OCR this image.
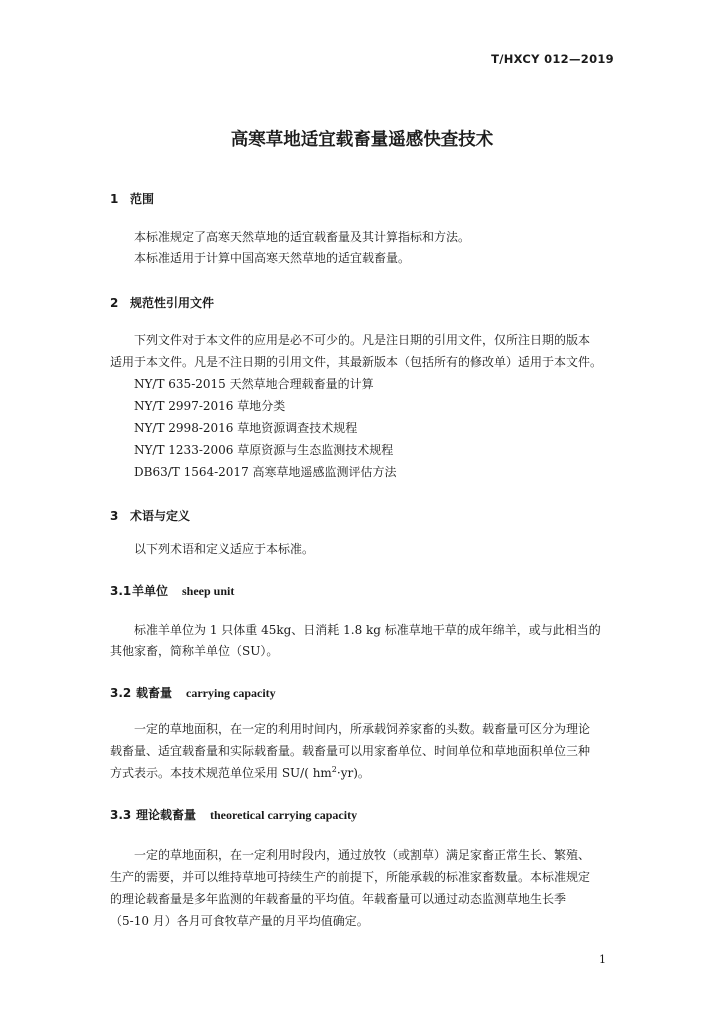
T/HXCY 012—2019
高寒草地适宜载畜量遥感快查技术
1 范围
本标准规定了高寒天然草地的适宜载畜量及其计算指标和方法。
本标准适用于计算中国高寒天然草地的适宜载畜量。
2 规范性引用文件
下列文件对于本文件的应用是必不可少的。凡是注日期的引用文件，仅所注日期的版本
适用于本文件。凡是不注日期的引用文件，其最新版本（包括所有的修改单）适用于本文件。
NY/T 635-2015 天然草地合理载畜量的计算
NY/T 2997-2016 草地分类
NY/T 2998-2016 草地资源调查技术规程
NY/T 1233-2006 草原资源与生态监测技术规程
DB63/T 1564-2017 高寒草地遥感监测评估方法
3 术语与定义
以下列术语和定义适应于本标准。
3.1羊单位 sheep unit
标准羊单位为 1 只体重 45kg、日消耗 1.8 kg 标准草地干草的成年绵羊，或与此相当的
其他家畜，简称羊单位（SU）。
3.2 载畜量 carrying capacity
一定的草地面积，在一定的利用时间内，所承载饲养家畜的头数。载畜量可区分为理论
载畜量、适宜载畜量和实际载畜量。载畜量可以用家畜单位、时间单位和草地面积单位三种
方式表示。本技术规范单位采用 SU/( $hm^2\cdot yr$)。
3.3 理论载畜量 theoretical carrying capacity
一定的草地面积，在一定利用时段内，通过放牧（或割草）满足家畜正常生长、繁殖、
生产的需要，并可以维持草地可持续生产的前提下，所能承载的标准家畜数量。本标准规定
的理论载畜量是多年监测的年载畜量的平均值。年载畜量可以通过动态监测草地生长季
（5-10 月）各月可食牧草产量的月平均值确定。
1
